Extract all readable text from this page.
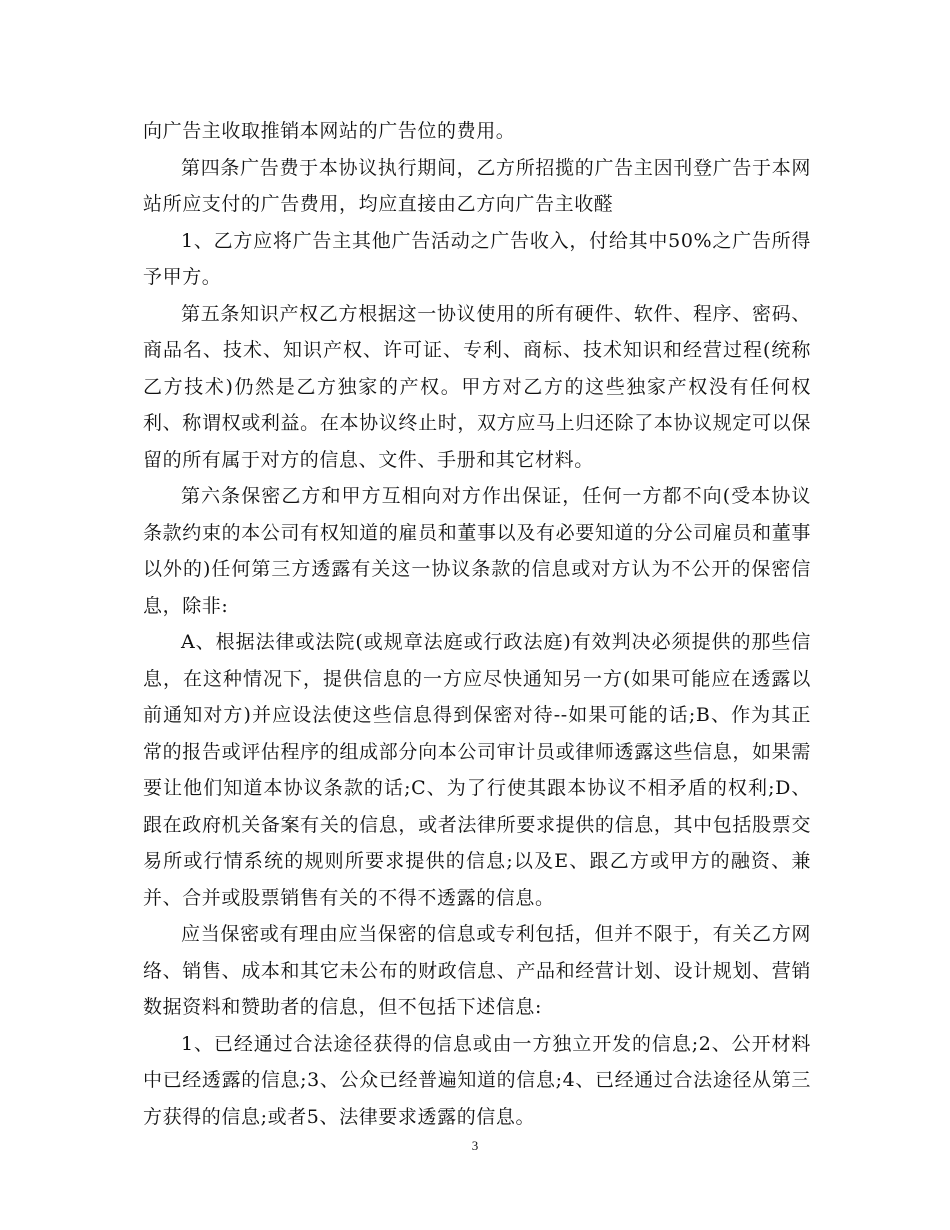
向广告主收取推销本网站的广告位的费用。

第四条广告费于本协议执行期间，乙方所招揽的广告主因刊登广告于本网站所应支付的广告费用，均应直接由乙方向广告主收醛

1、乙方应将广告主其他广告活动之广告收入，付给其中50%之广告所得予甲方。

第五条知识产权乙方根据这一协议使用的所有硬件、软件、程序、密码、商品名、技术、知识产权、许可证、专利、商标、技术知识和经营过程(统称乙方技术)仍然是乙方独家的产权。甲方对乙方的这些独家产权没有任何权利、称谓权或利益。在本协议终止时，双方应马上归还除了本协议规定可以保留的所有属于对方的信息、文件、手册和其它材料。

第六条保密乙方和甲方互相向对方作出保证，任何一方都不向(受本协议条款约束的本公司有权知道的雇员和董事以及有必要知道的分公司雇员和董事以外的)任何第三方透露有关这一协议条款的信息或对方认为不公开的保密信息，除非:

A、根据法律或法院(或规章法庭或行政法庭)有效判决必须提供的那些信息，在这种情况下，提供信息的一方应尽快通知另一方(如果可能应在透露以前通知对方)并应设法使这些信息得到保密对待--如果可能的话;B、作为其正常的报告或评估程序的组成部分向本公司审计员或律师透露这些信息，如果需要让他们知道本协议条款的话;C、为了行使其跟本协议不相矛盾的权利;D、跟在政府机关备案有关的信息，或者法律所要求提供的信息，其中包括股票交易所或行情系统的规则所要求提供的信息;以及E、跟乙方或甲方的融资、兼并、合并或股票销售有关的不得不透露的信息。

应当保密或有理由应当保密的信息或专利包括，但并不限于，有关乙方网络、销售、成本和其它未公布的财政信息、产品和经营计划、设计规划、营销数据资料和赞助者的信息，但不包括下述信息:

1、已经通过合法途径获得的信息或由一方独立开发的信息;2、公开材料中已经透露的信息;3、公众已经普遍知道的信息;4、已经通过合法途径从第三方获得的信息;或者5、法律要求透露的信息。

3
